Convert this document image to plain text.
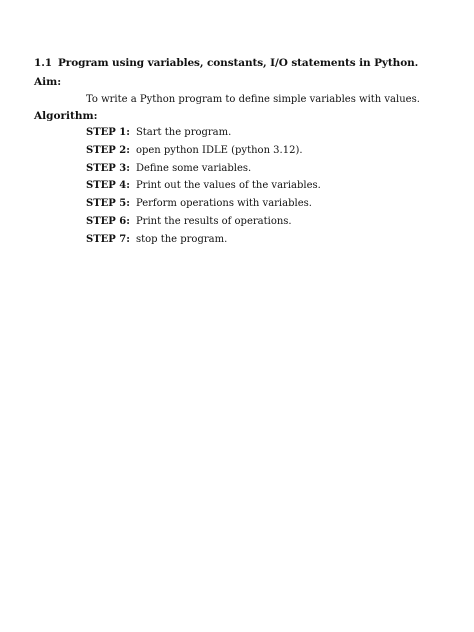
1.1 Program using variables, constants, I/O statements in Python.
Aim:
To write a Python program to define simple variables with values.
Algorithm:
STEP 1: Start the program.
STEP 2: open python IDLE (python 3.12).
STEP 3: Define some variables.
STEP 4: Print out the values of the variables.
STEP 5: Perform operations with variables.
STEP 6: Print the results of operations.
STEP 7: stop the program.
